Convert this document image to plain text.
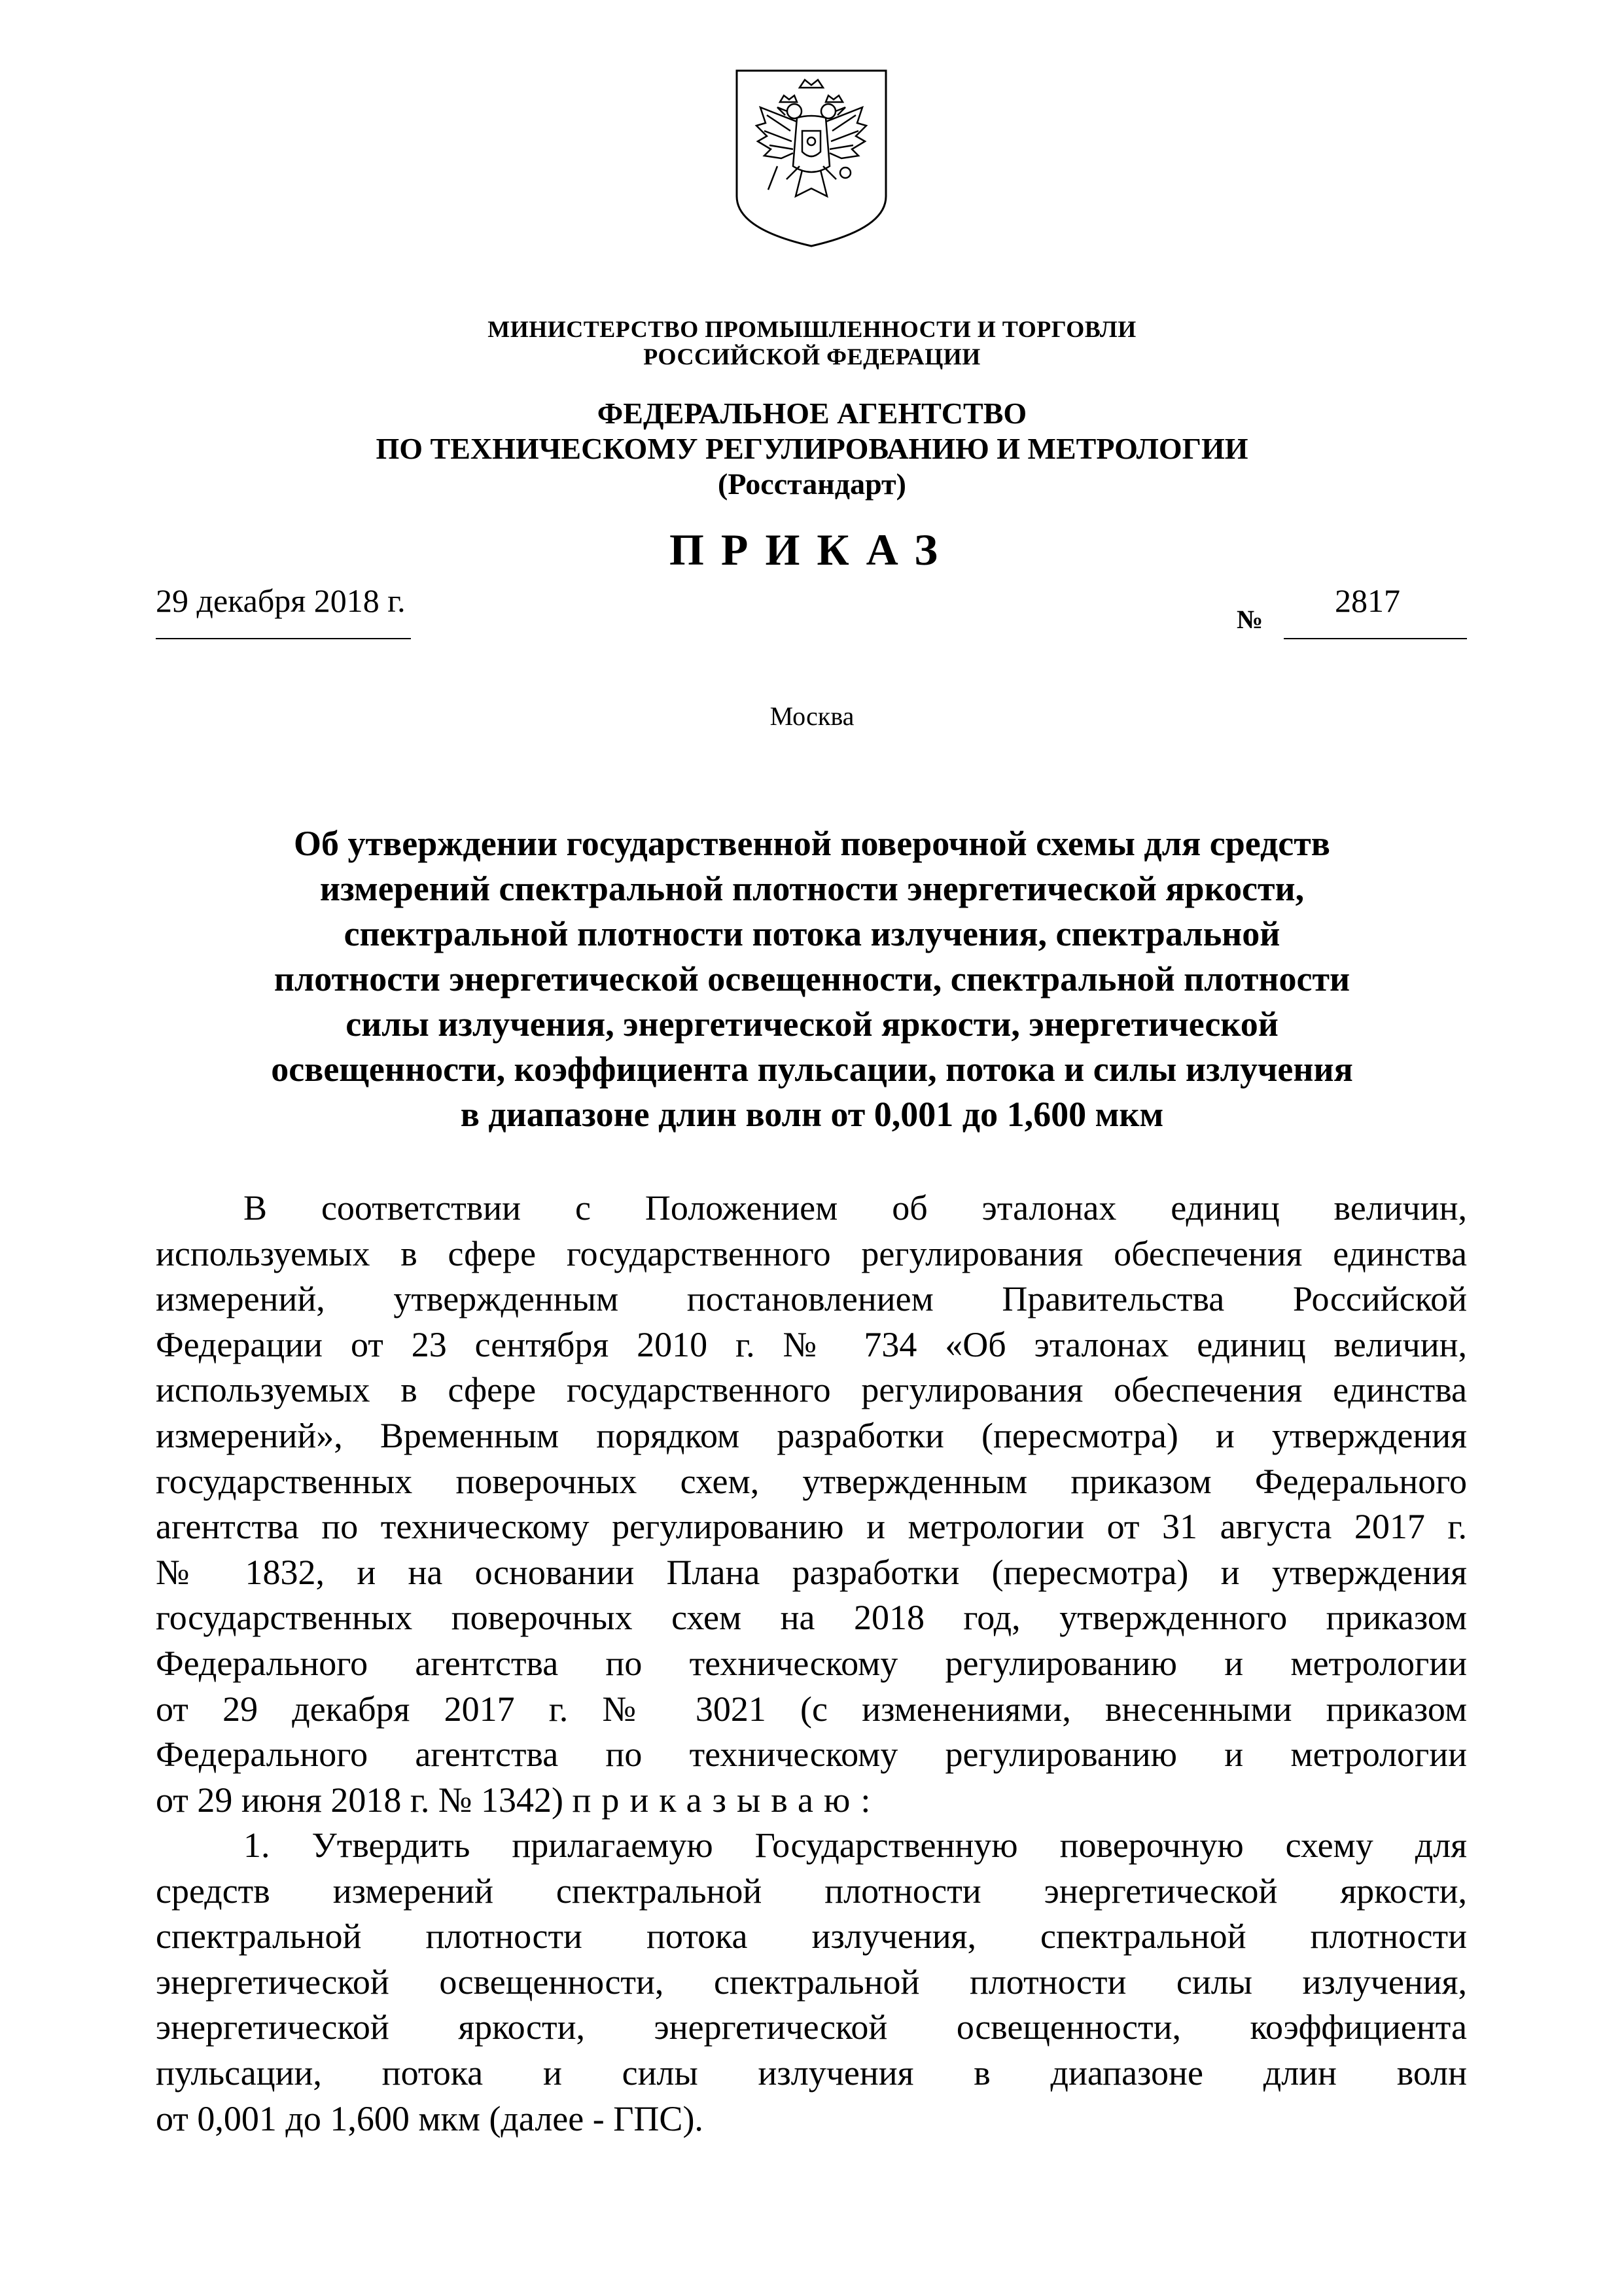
МИНИСТЕРСТВО ПРОМЫШЛЕННОСТИ И ТОРГОВЛИ
РОССИЙСКОЙ ФЕДЕРАЦИИ
ФЕДЕРАЛЬНОЕ АГЕНТСТВО
ПО ТЕХНИЧЕСКОМУ РЕГУЛИРОВАНИЮ И МЕТРОЛОГИИ
(Росстандарт)
ПРИКАЗ
29 декабря 2018 г.
№
2817
Москва
Об утверждении государственной поверочной схемы для средств
измерений спектральной плотности энергетической яркости,
спектральной плотности потока излучения, спектральной
плотности энергетической освещенности, спектральной плотности
силы излучения, энергетической яркости, энергетической
освещенности, коэффициента пульсации, потока и силы излучения
в диапазоне длин волн от 0,001 до 1,600 мкм
В соответствии с Положением об эталонах единиц величин,
используемых в сфере государственного регулирования обеспечения единства
измерений, утвержденным постановлением Правительства Российской
Федерации от 23 сентября 2010 г. № 734 «Об эталонах единиц величин,
используемых в сфере государственного регулирования обеспечения единства
измерений», Временным порядком разработки (пересмотра) и утверждения
государственных поверочных схем, утвержденным приказом Федерального
агентства по техническому регулированию и метрологии от 31 августа 2017 г.
№ 1832, и на основании Плана разработки (пересмотра) и утверждения
государственных поверочных схем на 2018 год, утвержденного приказом
Федерального агентства по техническому регулированию и метрологии
от 29 декабря 2017 г. № 3021 (с изменениями, внесенными приказом
Федерального агентства по техническому регулированию и метрологии
от 29 июня 2018 г. № 1342) приказываю:
1. Утвердить прилагаемую Государственную поверочную схему для
средств измерений спектральной плотности энергетической яркости,
спектральной плотности потока излучения, спектральной плотности
энергетической освещенности, спектральной плотности силы излучения,
энергетической яркости, энергетической освещенности, коэффициента
пульсации, потока и силы излучения в диапазоне длин волн
от 0,001 до 1,600 мкм (далее - ГПС).
